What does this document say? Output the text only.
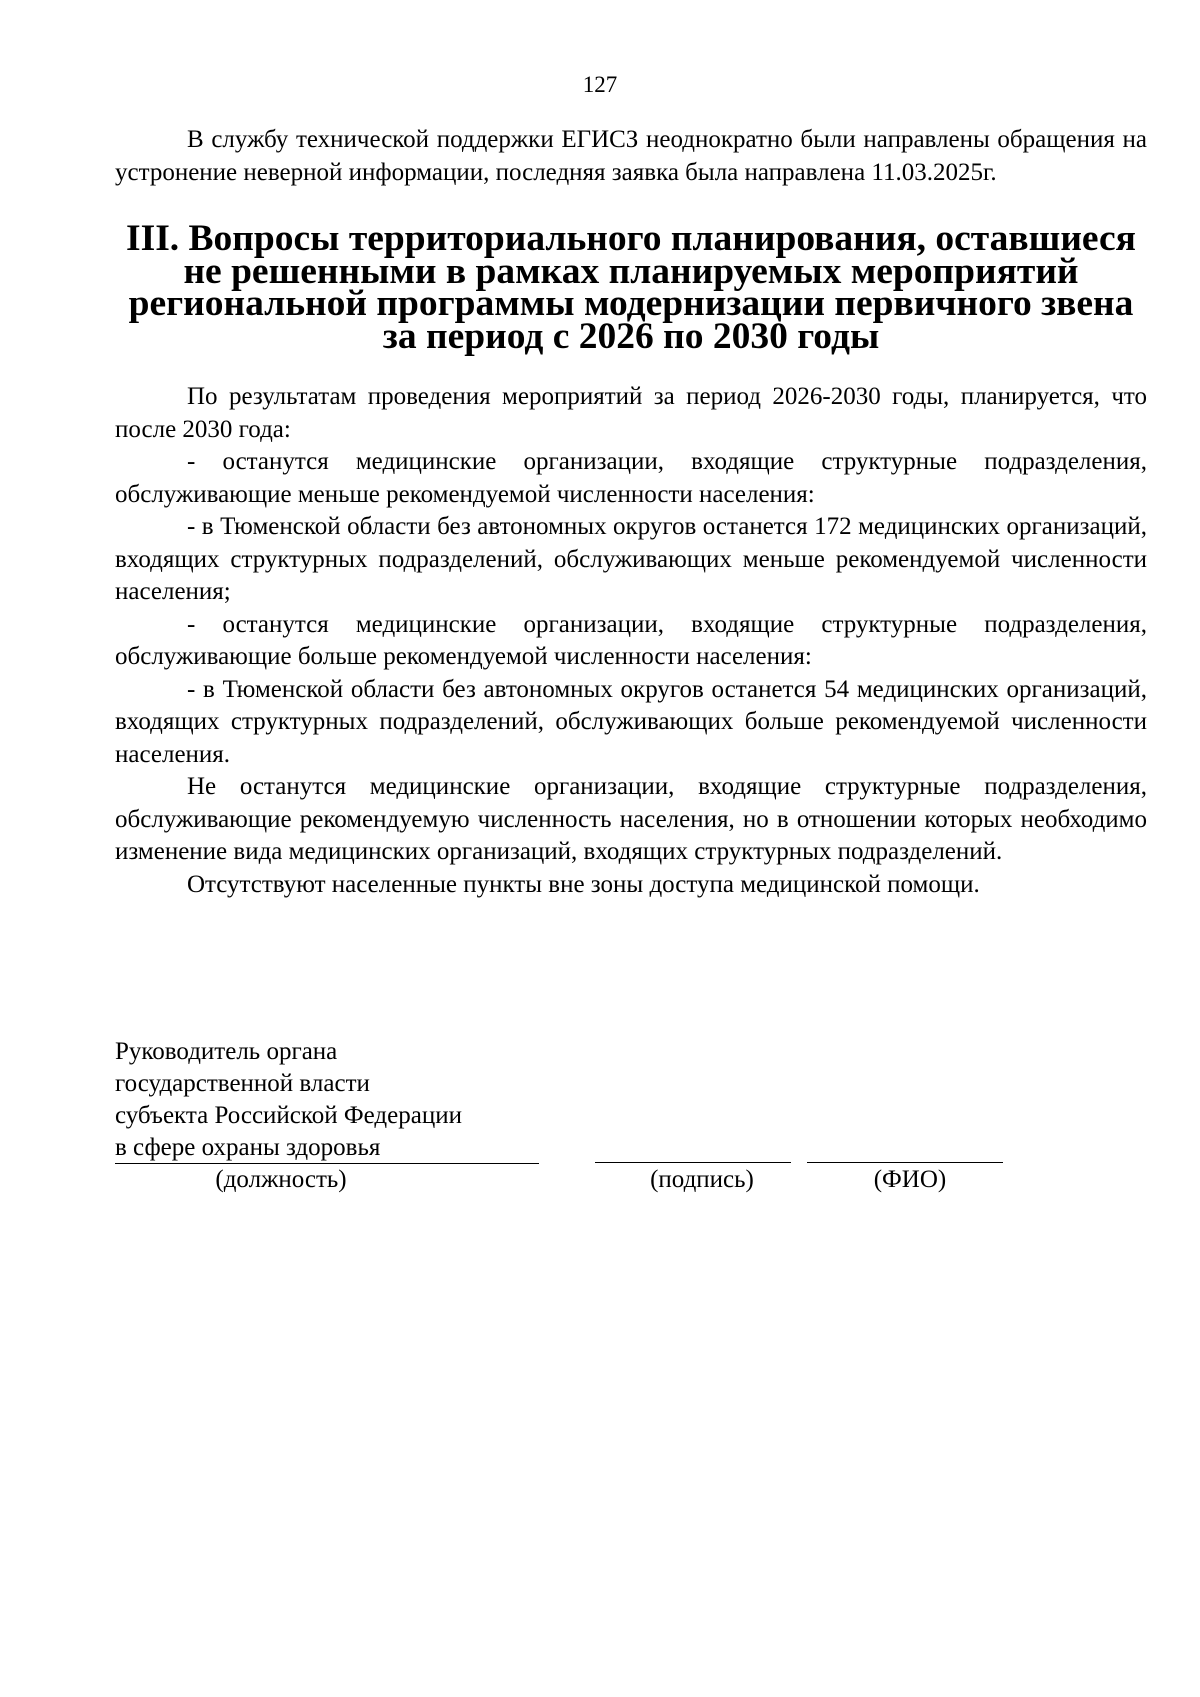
127

В службу технической поддержки ЕГИСЗ неоднократно были направлены обращения на устронение неверной информации, последняя заявка была направлена 11.03.2025г.

III. Вопросы территориального планирования, оставшиеся не решенными в рамках планируемых мероприятий региональной программы модернизации первичного звена за период с 2026 по 2030 годы

По результатам проведения мероприятий за период 2026-2030 годы, планируется, что после 2030 года:

- останутся медицинские организации, входящие структурные подразделения, обслуживающие меньше рекомендуемой численности населения:

- в Тюменской области без автономных округов останется 172 медицинских организаций, входящих структурных подразделений, обслуживающих меньше рекомендуемой численности населения;

- останутся медицинские организации, входящие структурные подразделения, обслуживающие больше рекомендуемой численности населения:

- в Тюменской области без автономных округов останется 54 медицинских организаций, входящих структурных подразделений, обслуживающих больше рекомендуемой численности населения.

Не останутся медицинские организации, входящие структурные подразделения, обслуживающие рекомендуемую численность населения, но в отношении которых необходимо изменение вида медицинских организаций, входящих структурных подразделений.

Отсутствуют населенные пункты вне зоны доступа медицинской помощи.

Руководитель органа
государственной власти
субъекта Российской Федерации
в сфере охраны здоровья
(должность)	(подпись)	(ФИО)
